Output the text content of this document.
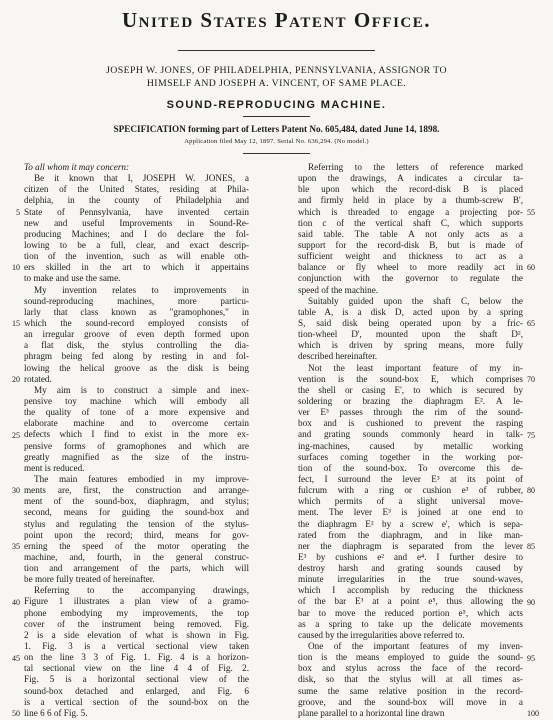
United States Patent Office.
JOSEPH W. JONES, OF PHILADELPHIA, PENNSYLVANIA, ASSIGNOR TO
HIMSELF AND JOSEPH A. VINCENT, OF SAME PLACE.
SOUND-REPRODUCING MACHINE.
SPECIFICATION forming part of Letters Patent No. 605,484, dated June 14, 1898.
Application filed May 12, 1897. Serial No. 636,294. (No model.)
To all whom it may concern:
Be it known that I, JOSEPH W. JONES, a
citizen of the United States, residing at Phila-
delphia, in the county of Philadelphia and
State of Pennsylvania, have invented certain
new and useful Improvements in Sound-Re-
producing Machines; and I do declare the fol-
lowing to be a full, clear, and exact descrip-
tion of the invention, such as will enable oth-
ers skilled in the art to which it appertains
to make and use the same.
My invention relates to improvements in
sound-reproducing machines, more particu-
larly that class known as "gramophones," in
which the sound-record employed consists of
an irregular groove of even depth formed upon
a flat disk, the stylus controlling the dia-
phragm being fed along by resting in and fol-
lowing the helical groove as the disk is being
rotated.
My aim is to construct a simple and inex-
pensive toy machine which will embody all
the quality of tone of a more expensive and
elaborate machine and to overcome certain
defects which I find to exist in the more ex-
pensive forms of gramophones and which are
greatly magnified as the size of the instru-
ment is reduced.
The main features embodied in my improve-
ments are, first, the construction and arrange-
ment of the sound-box, diaphragm, and stylus;
second, means for guiding the sound-box and
stylus and regulating the tension of the stylus-
point upon the record; third, means for gov-
erning the speed of the motor operating the
machine, and, fourth, in the general construc-
tion and arrangement of the parts, which will
be more fully treated of hereinafter.
Referring to the accompanying drawings,
Figure 1 illustrates a plan view of a gramo-
phone embodying my improvements, the top
cover of the instrument being removed. Fig.
2 is a side elevation of what is shown in Fig.
1. Fig. 3 is a vertical sectional view taken
on the line 3 3 of Fig. 1. Fig. 4 is a horizon-
tal sectional view on the line 4 4 of Fig. 2.
Fig. 5 is a horizontal sectional view of the
sound-box detached and enlarged, and Fig. 6
is a vertical section of the sound-box on the
line 6 6 of Fig. 5.
Referring to the letters of reference marked
upon the drawings, A indicates a circular ta-
ble upon which the record-disk B is placed
and firmly held in place by a thumb-screw B',
which is threaded to engage a projecting por-
tion c of the vertical shaft C, which supports
said table. The table A not only acts as a
support for the record-disk B, but is made of
sufficient weight and thickness to act as a
balance or fly wheel to more readily act in
conjunction with the governor to regulate the
speed of the machine.
Suitably guided upon the shaft C, below the
table A, is a disk D, acted upon by a spring
S, said disk being operated upon by a fric-
tion-wheel D', mounted upon the shaft D²,
which is driven by spring means, more fully
described hereinafter.
Not the least important feature of my in-
vention is the sound-box E, which comprises
the shell or casing E', to which is secured by
soldering or brazing the diaphragm E². A le-
ver E³ passes through the rim of the sound-
box and is cushioned to prevent the rasping
and grating sounds commonly heard in talk-
ing-machines, caused by metallic working
surfaces coming together in the working por-
tion of the sound-box. To overcome this de-
fect, I surround the lever E³ at its point of
fulcrum with a ring or cushion e³ of rubber,
which permits of a slight universal move-
ment. The lever E³ is joined at one end to
the diaphragm E² by a screw e', which is sepa-
rated from the diaphragm, and in like man-
ner the diaphragm is separated from the lever
E³ by cushions e² and e⁴. I further desire to
destroy harsh and grating sounds caused by
minute irregularities in the true sound-waves,
which I accomplish by reducing the thickness
of the bar E³ at a point e⁵, thus allowing the
bar to move the reduced portion e⁵, which acts
as a spring to take up the delicate movements
caused by the irregularities above referred to.
One of the important features of my inven-
tion is the means employed to guide the sound-
box and stylus across the face of the record-
disk, so that the stylus will at all times as-
sume the same relative position in the record-
groove, and the sound-box will move in a
plane parallel to a horizontal line drawn
5
10
15
20
25
30
35
40
45
50
55
60
65
70
75
80
85
90
95
100
